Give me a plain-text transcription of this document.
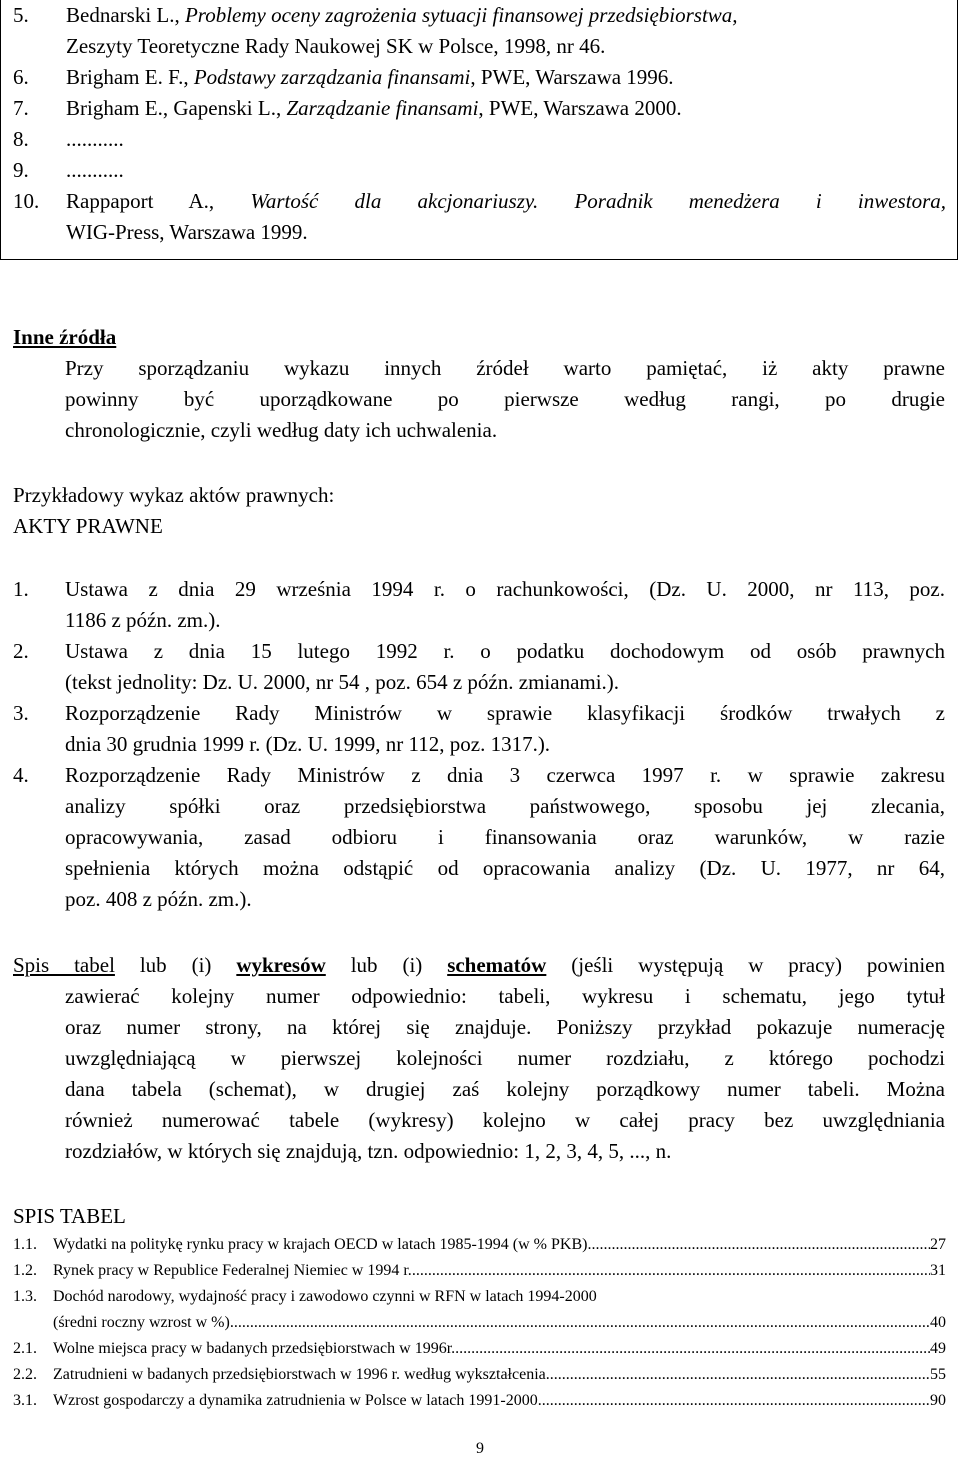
5. Bednarski L., Problemy oceny zagrożenia sytuacji finansowej przedsiębiorstwa,
Zeszyty Teoretyczne Rady Naukowej SK w Polsce, 1998, nr 46.
6. Brigham E. F., Podstawy zarządzania finansami, PWE, Warszawa 1996.
7. Brigham E., Gapenski L., Zarządzanie finansami, PWE, Warszawa 2000.
8. ...........
9. ...........
10. Rappaport A., Wartość dla akcjonariuszy. Poradnik menedżera i inwestora,
WIG-Press, Warszawa 1999.
Inne źródła
Przy sporządzaniu wykazu innych źródeł warto pamiętać, iż akty prawne
powinny być uporządkowane po pierwsze według rangi, po drugie
chronologicznie, czyli według daty ich uchwalenia.
Przykładowy wykaz aktów prawnych:
AKTY PRAWNE
1. Ustawa z dnia 29 września 1994 r. o rachunkowości, (Dz. U. 2000, nr 113, poz.
1186 z późn. zm.).
2. Ustawa z dnia 15 lutego 1992 r. o podatku dochodowym od osób prawnych
(tekst jednolity: Dz. U. 2000, nr 54 , poz. 654 z późn. zmianami.).
3. Rozporządzenie Rady Ministrów w sprawie klasyfikacji środków trwałych z
dnia 30 grudnia 1999 r. (Dz. U. 1999, nr 112, poz. 1317.).
4. Rozporządzenie Rady Ministrów z dnia 3 czerwca 1997 r. w sprawie zakresu
analizy spółki oraz przedsiębiorstwa państwowego, sposobu jej zlecania,
opracowywania, zasad odbioru i finansowania oraz warunków, w razie
spełnienia których można odstąpić od opracowania analizy (Dz. U. 1977, nr 64,
poz. 408 z późn. zm.).
Spis tabel lub (i) wykresów lub (i) schematów (jeśli występują w pracy) powinien
zawierać kolejny numer odpowiednio: tabeli, wykresu i schematu, jego tytuł
oraz numer strony, na której się znajduje. Poniższy przykład pokazuje numerację
uwzględniającą w pierwszej kolejności numer rozdziału, z którego pochodzi
dana tabela (schemat), w drugiej zaś kolejny porządkowy numer tabeli. Można
również numerować tabele (wykresy) kolejno w całej pracy bez uwzględniania
rozdziałów, w których się znajdują, tzn. odpowiednio: 1, 2, 3, 4, 5, ..., n.
SPIS TABEL
1.1.	Wydatki na politykę rynku pracy w krajach OECD w latach 1985-1994 (w % PKB) .....	27
1.2.	Rynek pracy w Republice Federalnej Niemiec w 1994 r. .....	31
1.3.	Dochód narodowy, wydajność pracy i zawodowo czynni w RFN w latach 1994-2000
(średni roczny wzrost w %) .....	40
2.1.	Wolne miejsca pracy w badanych przedsiębiorstwach w 1996r. .....	49
2.2.	Zatrudnieni w badanych przedsiębiorstwach w 1996 r. według wykształcenia .....	55
3.1.	Wzrost gospodarczy a dynamika zatrudnienia w Polsce w latach 1991-2000 .....	90
9
